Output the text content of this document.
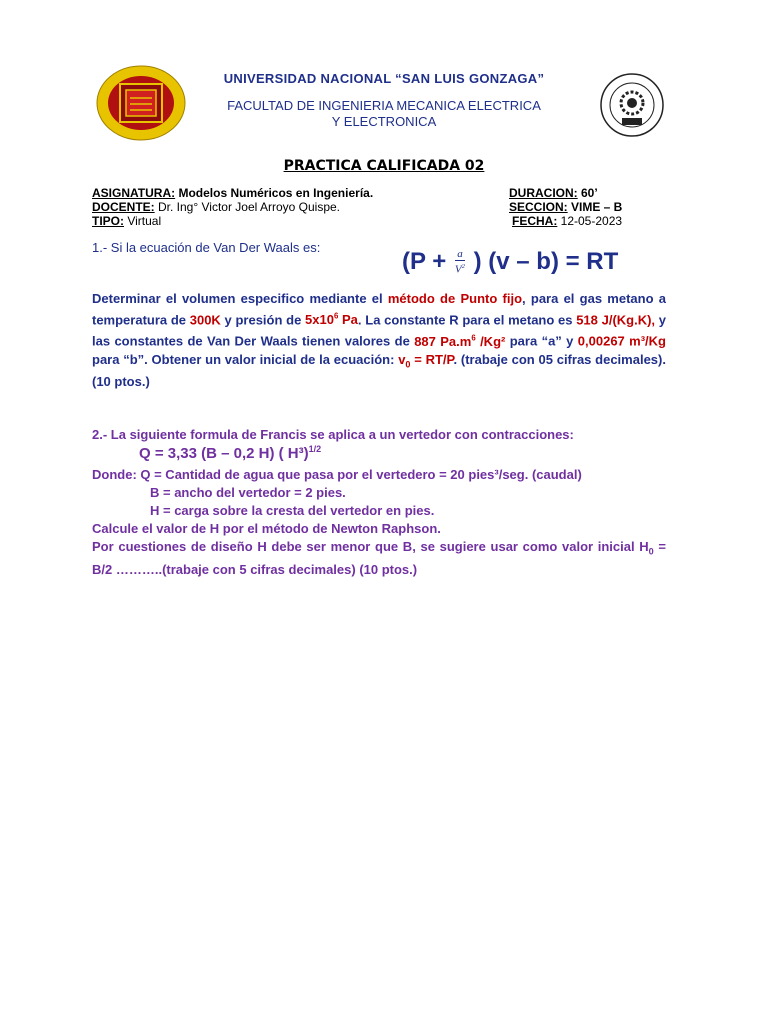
UNIVERSIDAD NACIONAL “SAN LUIS GONZAGA”
FACULTAD DE INGENIERIA MECANICA ELECTRICA
Y ELECTRONICA
PRACTICA CALIFICADA 02
ASIGNATURA: Modelos Numéricos en Ingeniería.
DOCENTE: Dr. Ing° Victor Joel Arroyo Quispe.
TIPO: Virtual
DURACION: 60’
SECCION: VIME – B
FECHA: 12-05-2023
1.- Si la ecuación de Van Der Waals es:
($P + \frac{a}{V^2}$ ) (v – b) = RT
Determinar el volumen especifico mediante el método de Punto fijo, para el gas metano a temperatura de 300K y presión de $5x10^6$ Pa. La constante R para el metano es 518 J/(Kg.K), y las constantes de Van Der Waals tienen valores de 887 $Pa.m^6$ /Kg² para “a” y 0,00267 m³/Kg para “b”. Obtener un valor inicial de la ecuación: $v_0 = RT/P$. (trabaje con 05 cifras decimales). (10 ptos.)
2.- La siguiente formula de Francis se aplica a un vertedor con contracciones:
Q = 3,33 (B – 0,2 H) ( H³)$^{1/2}$
Donde: Q = Cantidad de agua que pasa por el vertedero = 20 pies³/seg. (caudal)
B = ancho del vertedor = 2 pies.
H = carga sobre la cresta del vertedor en pies.
Calcule el valor de H por el método de Newton Raphson.
Por cuestiones de diseño H debe ser menor que B, se sugiere usar como valor inicial $H_0 = B/2$ ………..(trabaje con 5 cifras decimales) (10 ptos.)
